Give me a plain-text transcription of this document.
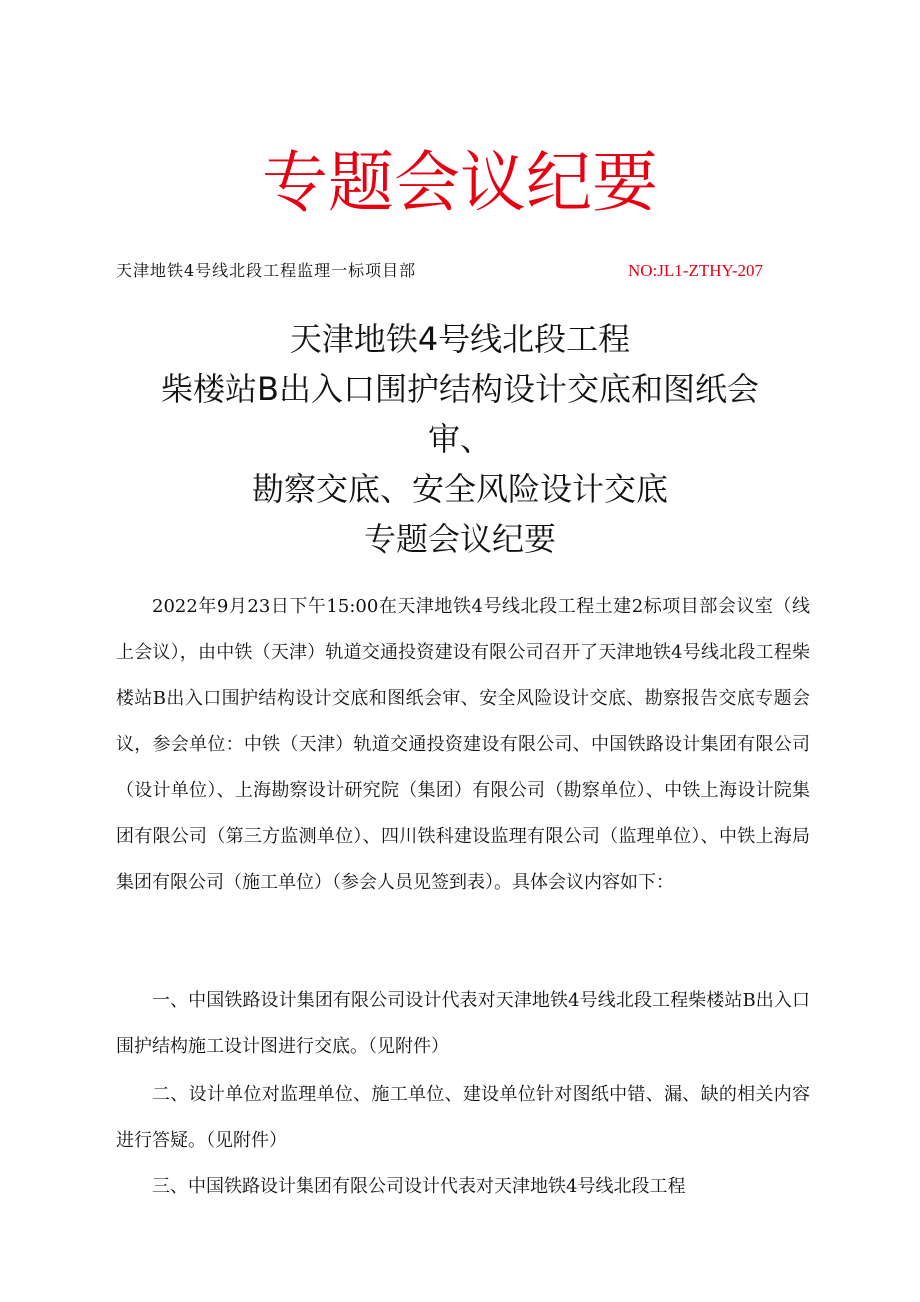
专题会议纪要
天津地铁4号线北段工程监理一标项目部	NO:JL1-ZTHY-207
天津地铁4号线北段工程
柴楼站B出入口围护结构设计交底和图纸会
审、
勘察交底、安全风险设计交底
专题会议纪要

2022年9月23日下午15:00在天津地铁4号线北段工程土建2标项目部会议室（线上会议），由中铁（天津）轨道交通投资建设有限公司召开了天津地铁4号线北段工程柴楼站B出入口围护结构设计交底和图纸会审、安全风险设计交底、勘察报告交底专题会议，参会单位：中铁（天津）轨道交通投资建设有限公司、中国铁路设计集团有限公司（设计单位）、上海勘察设计研究院（集团）有限公司（勘察单位）、中铁上海设计院集团有限公司（第三方监测单位）、四川铁科建设监理有限公司（监理单位）、中铁上海局集团有限公司（施工单位）（参会人员见签到表）。具体会议内容如下：

一、中国铁路设计集团有限公司设计代表对天津地铁4号线北段工程柴楼站B出入口围护结构施工设计图进行交底。（见附件）

二、设计单位对监理单位、施工单位、建设单位针对图纸中错、漏、缺的相关内容进行答疑。（见附件）

三、中国铁路设计集团有限公司设计代表对天津地铁4号线北段工程
